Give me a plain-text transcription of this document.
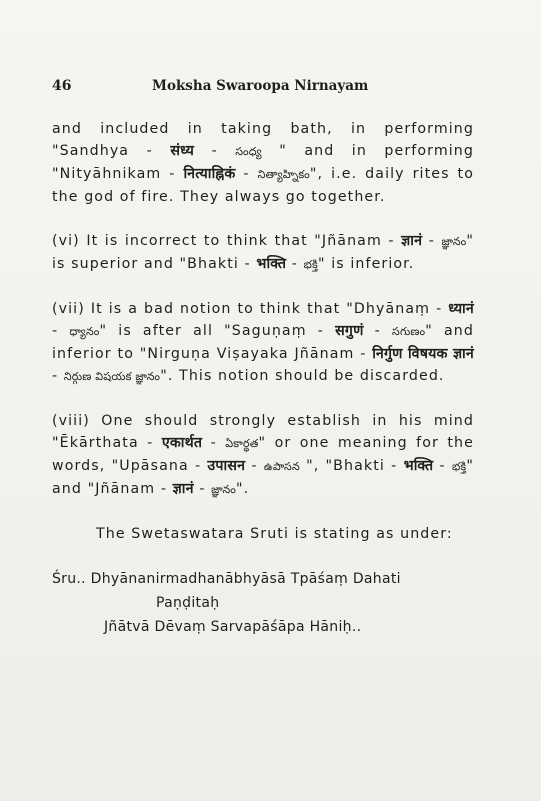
46	Moksha Swaroopa Nirnayam

and included in taking bath, in performing "Sandhya - संध्य - సంధ్య " and in performing "Nityāhnikam - नित्याह्निकं - నిత్యాహ్నికం", i.e. daily rites to the god of fire. They always go together.

(vi) It is incorrect to think that "Jñānam - ज्ञानं - జ్ఞానం" is superior and "Bhakti - भक्ति - భక్తి" is inferior.

(vii) It is a bad notion to think that "Dhyānaṃ - ध्यानं - ధ్యానం" is after all "Saguṇaṃ - सगुणं - సగుణం" and inferior to "Nirguṇa Viṣayaka Jñānam - निर्गुण विषयक ज्ञानं - నిర్గుణ విషయక జ్ఞానం". This notion should be discarded.

(viii) One should strongly establish in his mind "Ēkārthata - एकार्थत - ఏకార్థత" or one meaning for the words, "Upāsana - उपासन - ఉపాసన ", "Bhakti - भक्ति - భక్తి" and "Jñānam - ज्ञानं - జ్ఞానం".

The Swetaswatara Sruti is stating as under:

Śru.. Dhyānanirmadhanābhyāsā Tpāśaṃ Dahati
Paṇḍitaḥ
Jñātvā Dēvaṃ Sarvapāśāpa Hāniḥ..
